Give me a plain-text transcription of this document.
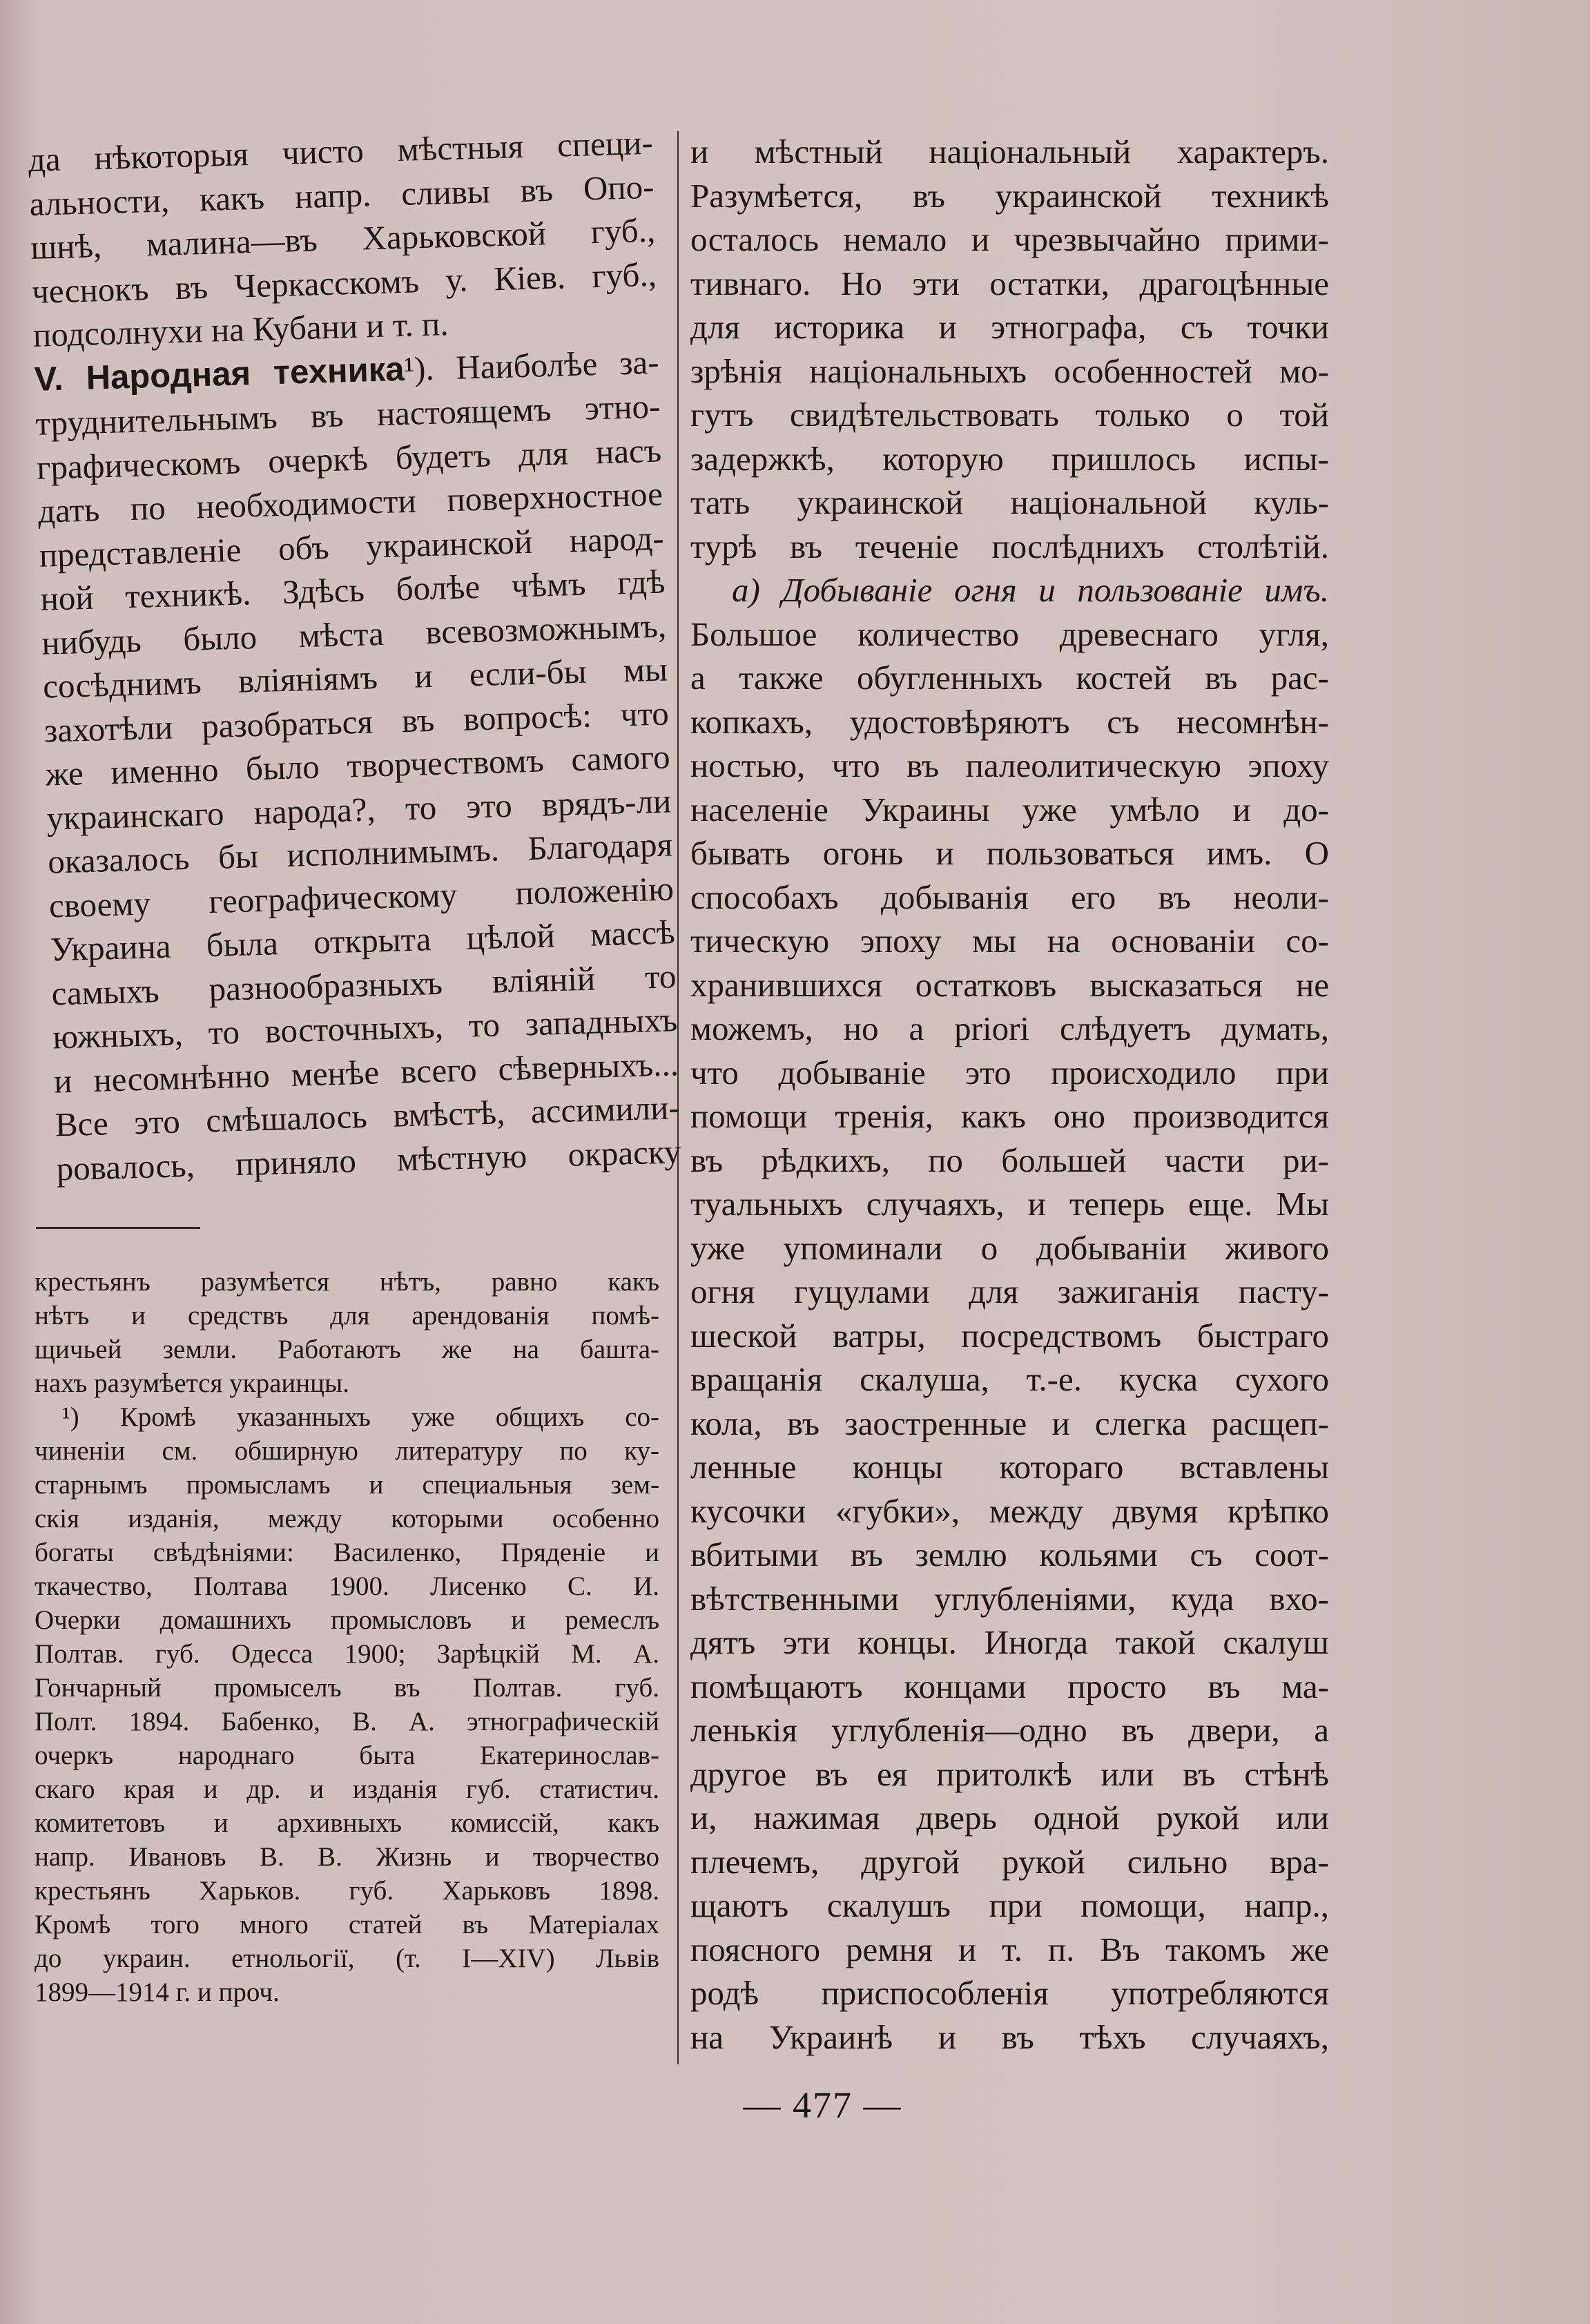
да нѣкоторыя чисто мѣстныя специ-
альности, какъ напр. сливы въ Опо-
шнѣ, малина—въ Харьковской губ.,
чеснокъ въ Черкасскомъ у. Кiев. губ.,
подсолнухи на Кубани и т. п.
V. Народная техника¹). Наиболѣе за-
труднительнымъ въ настоящемъ этно-
графическомъ очеркѣ будетъ для насъ
дать по необходимости поверхностное
представленіе объ украинской народ-
ной техникѣ. Здѣсь болѣе чѣмъ гдѣ
нибудь было мѣста всевозможнымъ,
сосѣднимъ вліяніямъ и если-бы мы
захотѣли разобраться въ вопросѣ: что
же именно было творчествомъ самого
украинскаго народа?, то это врядъ-ли
оказалось бы исполнимымъ. Благодаря
своему географическому положенію
Украина была открыта цѣлой массѣ
самыхъ разнообразныхъ вліяній то
южныхъ, то восточныхъ, то западныхъ
и несомнѣнно менѣе всего сѣверныхъ...
Все это смѣшалось вмѣстѣ, ассимили-
ровалось, приняло мѣстную окраску
крестьянъ разумѣется нѣтъ, равно какъ
нѣтъ и средствъ для арендованія помѣ-
щичьей земли. Работаютъ же на башта-
нахъ разумѣется украинцы.
¹) Кромѣ указанныхъ уже общихъ со-
чиненiи см. обширную литературу по ку-
старнымъ промысламъ и специальныя зем-
скія изданія, между которыми особенно
богаты свѣдѣніями: Василенко, Пряденіе и
ткачество, Полтава 1900. Лисенко С. И.
Очерки домашнихъ промысловъ и ремеслъ
Полтав. губ. Одесса 1900; Зарѣцкій М. А.
Гончарный промыселъ въ Полтав. губ.
Полт. 1894. Бабенко, В. А. этнографическій
очеркъ народнаго быта Екатеринослав-
скаго края и др. и изданія губ. статистич.
комитетовъ и архивныхъ комиссій, какъ
напр. Ивановъ В. В. Жизнь и творчество
крестьянъ Харьков. губ. Харьковъ 1898.
Кромѣ того много статей въ Матеріалах
до украин. етнольогії, (т. I—XIV) Львів
1899—1914 г. и проч.
и мѣстный національный характеръ.
Разумѣется, въ украинской техникѣ
осталось немало и чрезвычайно прими-
тивнаго. Но эти остатки, драгоцѣнные
для историка и этнографа, съ точки
зрѣнія національныхъ особенностей мо-
гутъ свидѣтельствовать только о той
задержкѣ, которую пришлось испы-
тать украинской національной куль-
турѣ въ теченіе послѣднихъ столѣтій.
а) Добываніе огня и пользованіе имъ.
Большое количество древеснаго угля,
а также обугленныхъ костей въ рас-
копкахъ, удостовѣряютъ съ несомнѣн-
ностью, что въ палеолитическую эпоху
населеніе Украины уже умѣло и до-
бывать огонь и пользоваться имъ. О
способахъ добыванія его въ неоли-
тическую эпоху мы на основаніи со-
хранившихся остатковъ высказаться не
можемъ, но a priori слѣдуетъ думать,
что добываніе это происходило при
помощи тренія, какъ оно производится
въ рѣдкихъ, по большей части ри-
туальныхъ случаяхъ, и теперь еще. Мы
уже упоминали о добываніи живого
огня гуцулами для зажиганія пасту-
шеской ватры, посредствомъ быстраго
вращанія скалуша, т.-е. куска сухого
кола, въ заостренные и слегка расщеп-
ленные концы котораго вставлены
кусочки «губки», между двумя крѣпко
вбитыми въ землю кольями съ соот-
вѣтственными углубленіями, куда вхо-
дятъ эти концы. Иногда такой скалуш
помѣщаютъ концами просто въ ма-
ленькія углубленія—одно въ двери, а
другое въ ея притолкѣ или въ стѣнѣ
и, нажимая дверь одной рукой или
плечемъ, другой рукой сильно вра-
щаютъ скалушъ при помощи, напр.,
поясного ремня и т. п. Въ такомъ же
родѣ приспособленія употребляются
на Украинѣ и въ тѣхъ случаяхъ,
— 477 —
